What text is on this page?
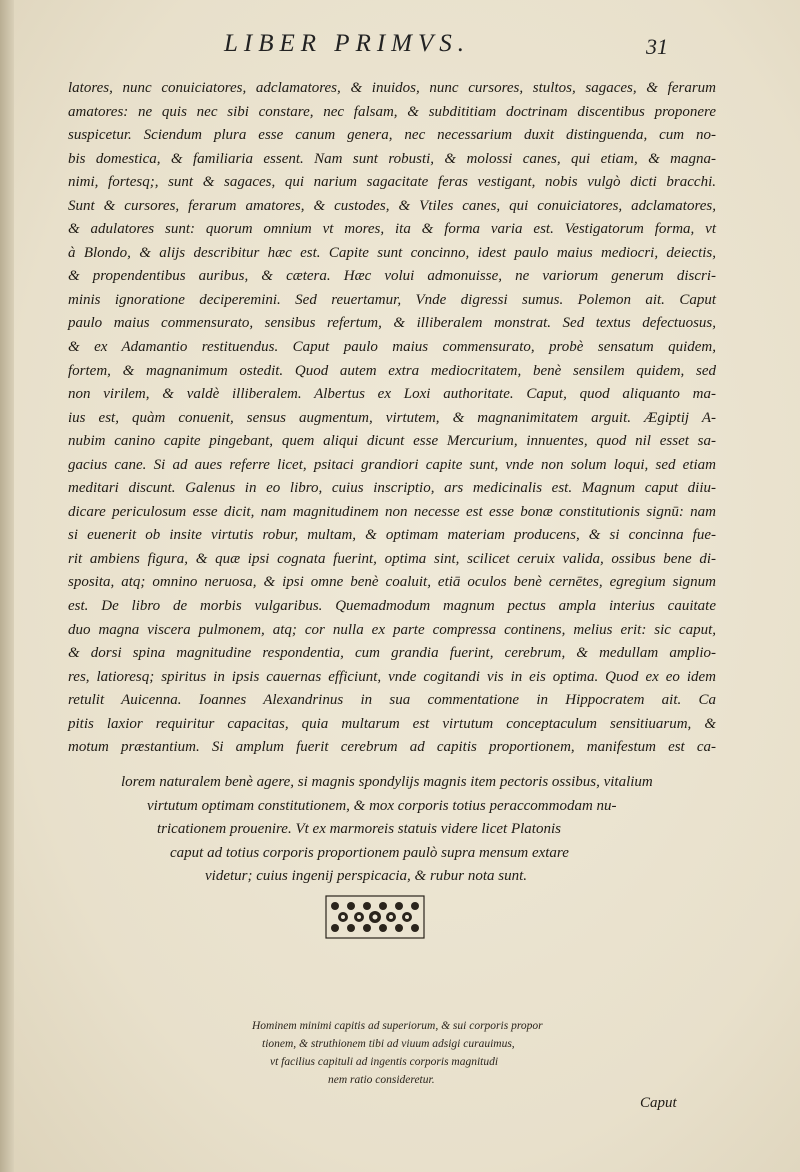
LIBER PRIMVS.	31
latores, nunc conuiciatores, adclamatores, & inuidos, nunc cursores, stultos, sagaces, & ferarum
amatores: ne quis nec sibi constare, nec falsam, & subdititiam doctrinam discentibus proponere
suspicetur. Sciendum plura esse canum genera, nec necessarium duxit distinguenda, cum no-
bis domestica, & familiaria essent. Nam sunt robusti, & molossi canes, qui etiam, & magna-
nimi, fortesq;, sunt & sagaces, qui narium sagacitate feras vestigant, nobis vulgò dicti bracchi.
Sunt & cursores, ferarum amatores, & custodes, & Vtiles canes, qui conuiciatores, adclamatores,
& adulatores sunt: quorum omnium vt mores, ita & forma varia est. Vestigatorum forma, vt
à Blondo, & alijs describitur hæc est. Capite sunt concinno, idest paulo maius mediocri, deiectis,
& propendentibus auribus, & cætera. Hæc volui admonuisse, ne variorum generum discri-
minis ignoratione deciperemini. Sed reuertamur, Vnde digressi sumus. Polemon ait. Caput
paulo maius commensurato, sensibus refertum, & illiberalem monstrat. Sed textus defectuosus,
& ex Adamantio restituendus. Caput paulo maius commensurato, probè sensatum quidem,
fortem, & magnanimum ostedit. Quod autem extra mediocritatem, benè sensilem quidem, sed
non virilem, & valdè illiberalem. Albertus ex Loxi authoritate. Caput, quod aliquanto ma-
ius est, quàm conuenit, sensus augmentum, virtutem, & magnanimitatem arguit. Ægiptij A-
nubim canino capite pingebant, quem aliqui dicunt esse Mercurium, innuentes, quod nil esset sa-
gacius cane. Si ad aues referre licet, psitaci grandiori capite sunt, vnde non solum loqui, sed etiam
meditari discunt. Galenus in eo libro, cuius inscriptio, ars medicinalis est. Magnum caput diiu-
dicare periculosum esse dicit, nam magnitudinem non necesse est esse bonæ constitutionis signū: nam
si euenerit ob insite virtutis robur, multam, & optimam materiam producens, & si concinna fue-
rit ambiens figura, & quæ ipsi cognata fuerint, optima sint, scilicet ceruix valida, ossibus bene di-
sposita, atq; omnino neruosa, & ipsi omne benè coaluit, etiā oculos benè cernētes, egregium signum
est. De libro de morbis vulgaribus. Quemadmodum magnum pectus ampla interius cauitate
duo magna viscera pulmonem, atq; cor nulla ex parte compressa continens, melius erit: sic caput,
& dorsi spina magnitudine respondentia, cum grandia fuerint, cerebrum, & medullam amplio-
res, latioresq; spiritus in ipsis cauernas efficiunt, vnde cogitandi vis in eis optima. Quod ex eo idem
retulit Auicenna. Ioannes Alexandrinus in sua commentatione in Hippocratem ait. Ca
pitis laxior requiritur capacitas, quia multarum est virtutum conceptaculum sensitiuarum, &
motum præstantium. Si amplum fuerit cerebrum ad capitis proportionem, manifestum est ca-
lorem naturalem benè agere, si magnis spondylijs magnis item pectoris ossibus, vitalium
virtutum optimam constitutionem, & mox corporis totius peraccommodam nu-
tricationem prouenire. Vt ex marmoreis statuis videre licet Platonis
caput ad totius corporis proportionem paulò supra mensum extare
videtur; cuius ingenij perspicacia, & rubur nota sunt.
Hominem minimi capitis ad superiorum, & sui corporis propor
tionem, & struthionem tibi ad viuum adsigi curauimus,
vt facilius capituli ad ingentis corporis magnitudi
nem ratio consideretur.
Caput
